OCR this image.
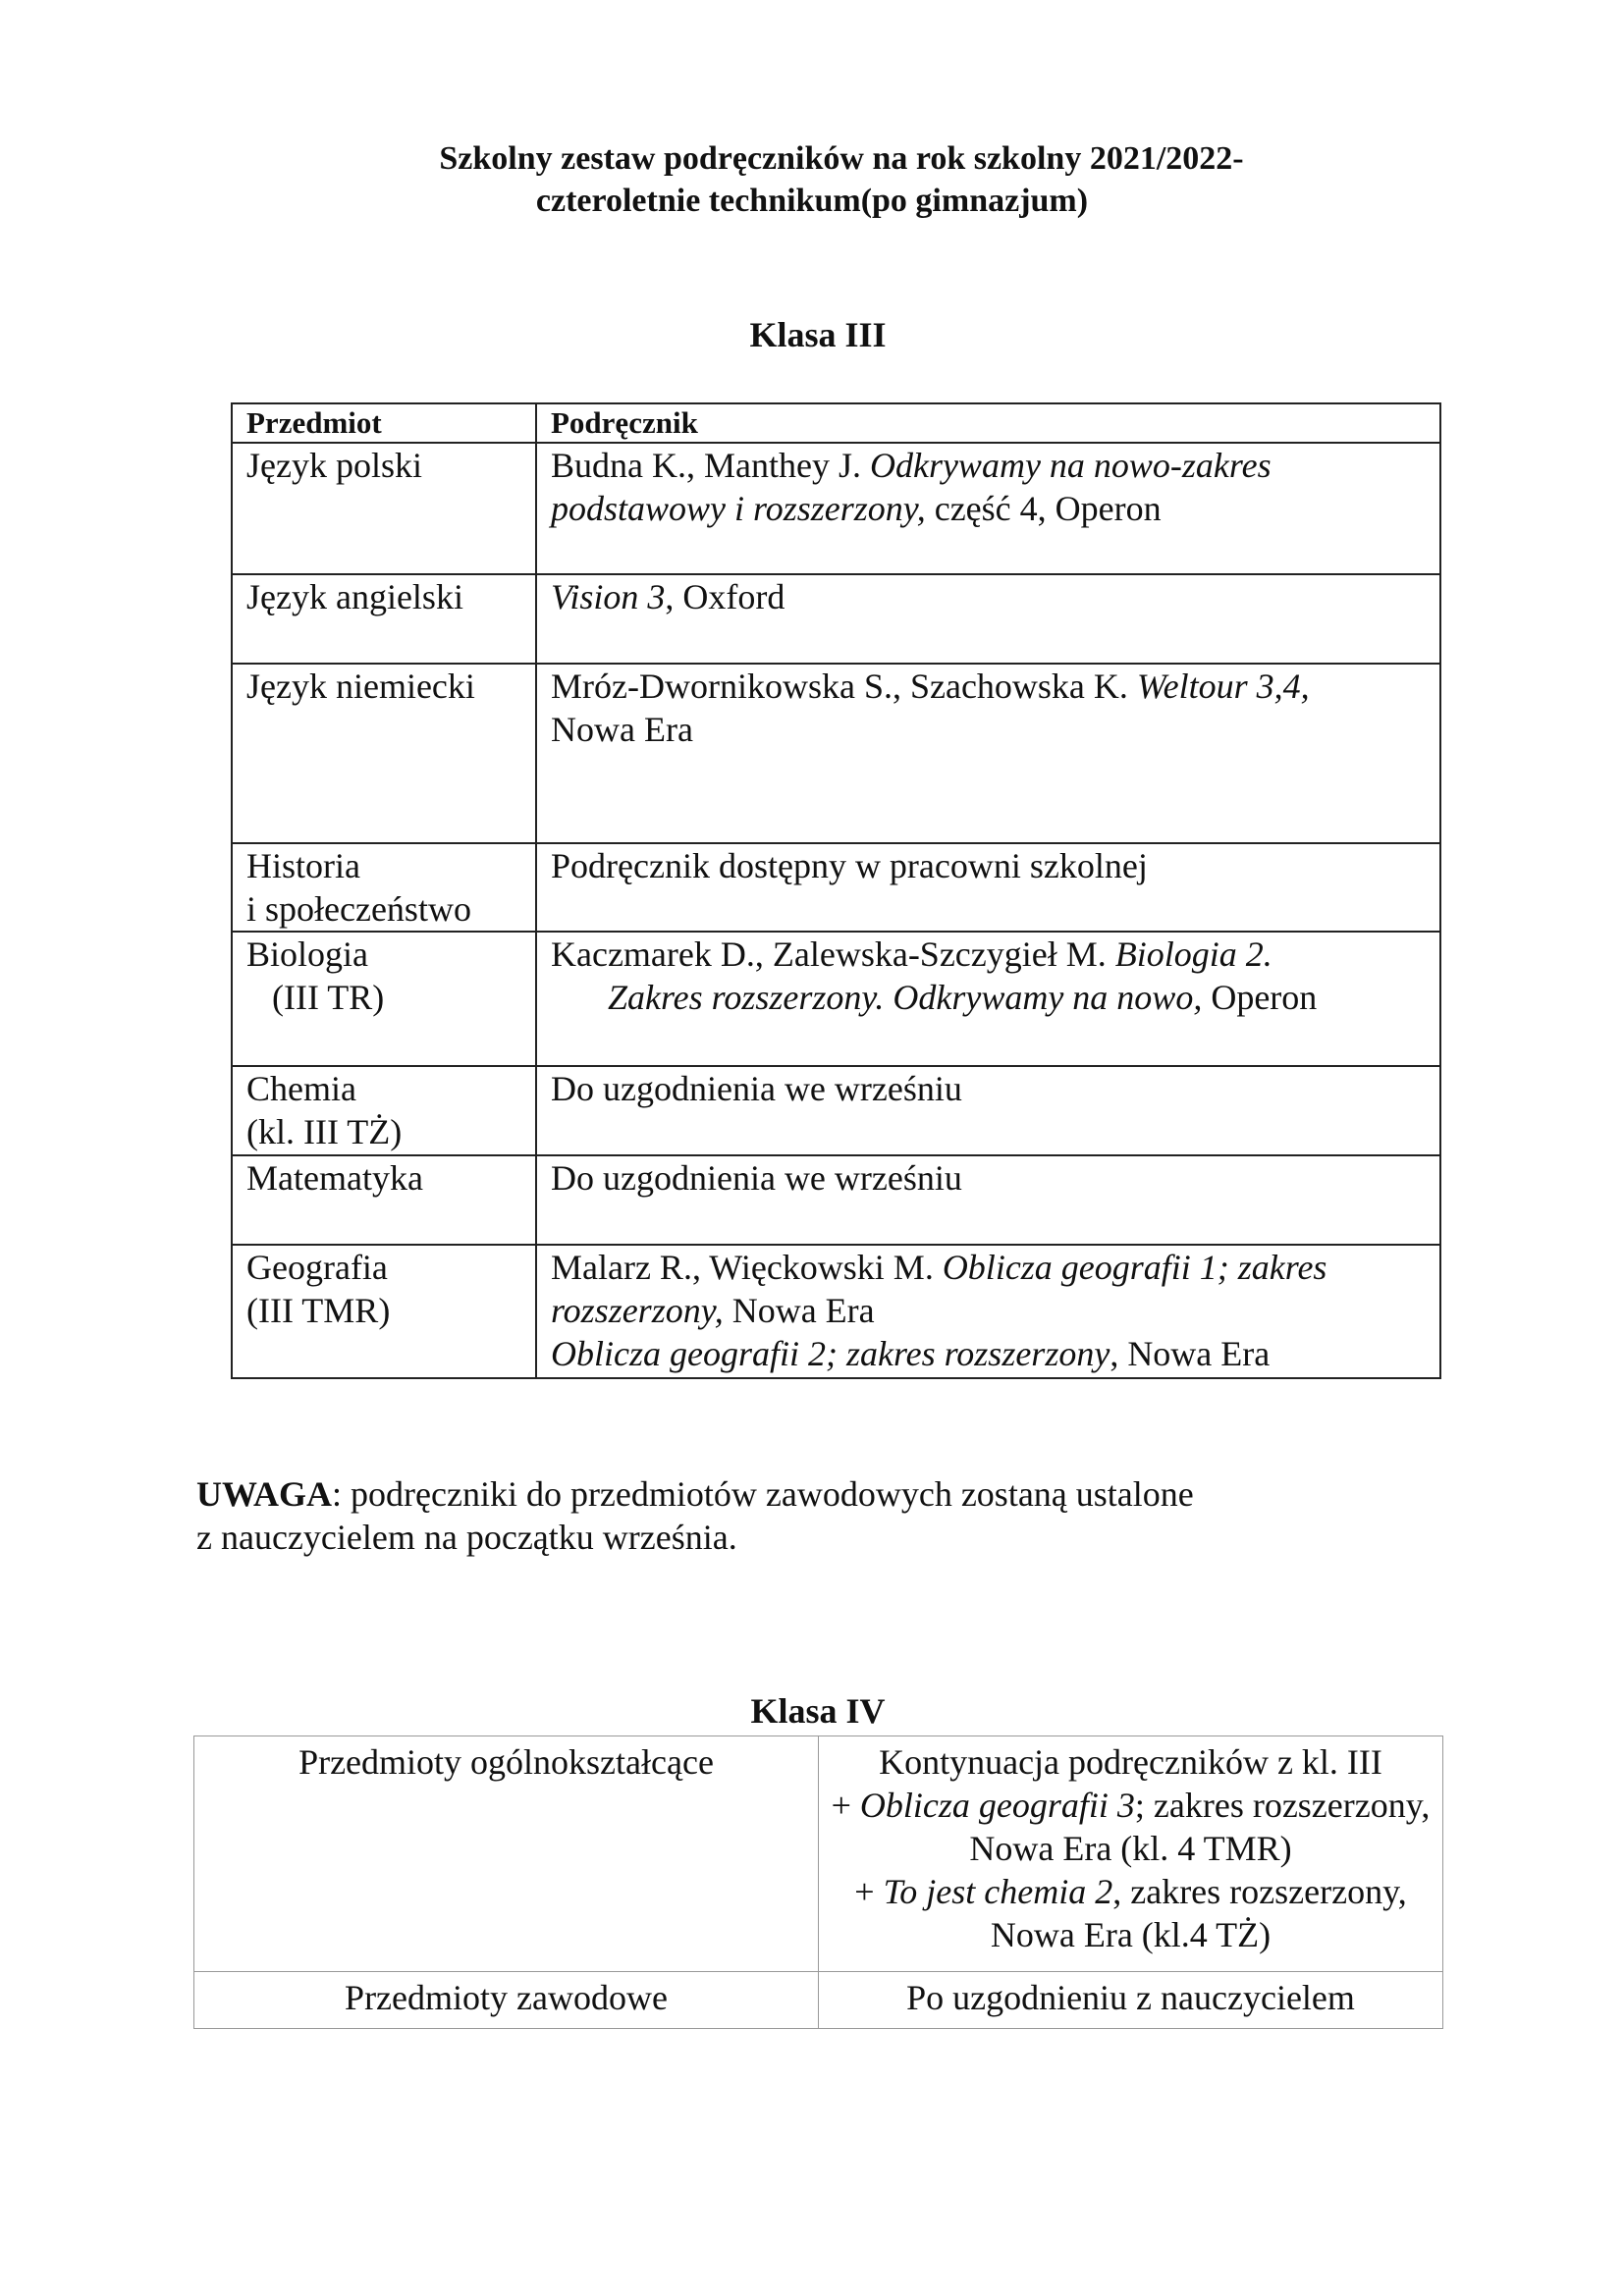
Szkolny zestaw podręczników na rok szkolny 2021/2022-
czteroletnie technikum(po gimnazjum)
Klasa III
Przedmiot	Podręcznik
Język polski	Budna K., Manthey J. Odkrywamy na nowo-zakres podstawowy i rozszerzony, część 4, Operon
Język angielski	Vision 3, Oxford
Język niemiecki	Mróz-Dwornikowska S., Szachowska K. Weltour 3,4,
Nowa Era
Historia
i społeczeństwo	Podręcznik dostępny w pracowni szkolnej
Biologia
(III TR)	Kaczmarek D., Zalewska-Szczygieł M. Biologia 2.
Zakres rozszerzony. Odkrywamy na nowo, Operon
Chemia
(kl. III TŻ)	Do uzgodnienia we wrześniu
Matematyka	Do uzgodnienia we wrześniu
Geografia
(III TMR)	Malarz R., Więckowski M. Oblicza geografii 1; zakres rozszerzony, Nowa Era
Oblicza geografii 2; zakres rozszerzony, Nowa Era
UWAGA: podręczniki do przedmiotów zawodowych zostaną ustalone
z nauczycielem na początku września.
Klasa IV
Przedmioty ogólnokształcące	Kontynuacja podręczników z kl. III
+ Oblicza geografii 3; zakres rozszerzony, Nowa Era (kl. 4 TMR)
+ To jest chemia 2, zakres rozszerzony, Nowa Era (kl.4 TŻ)
Przedmioty zawodowe	Po uzgodnieniu z nauczycielem
